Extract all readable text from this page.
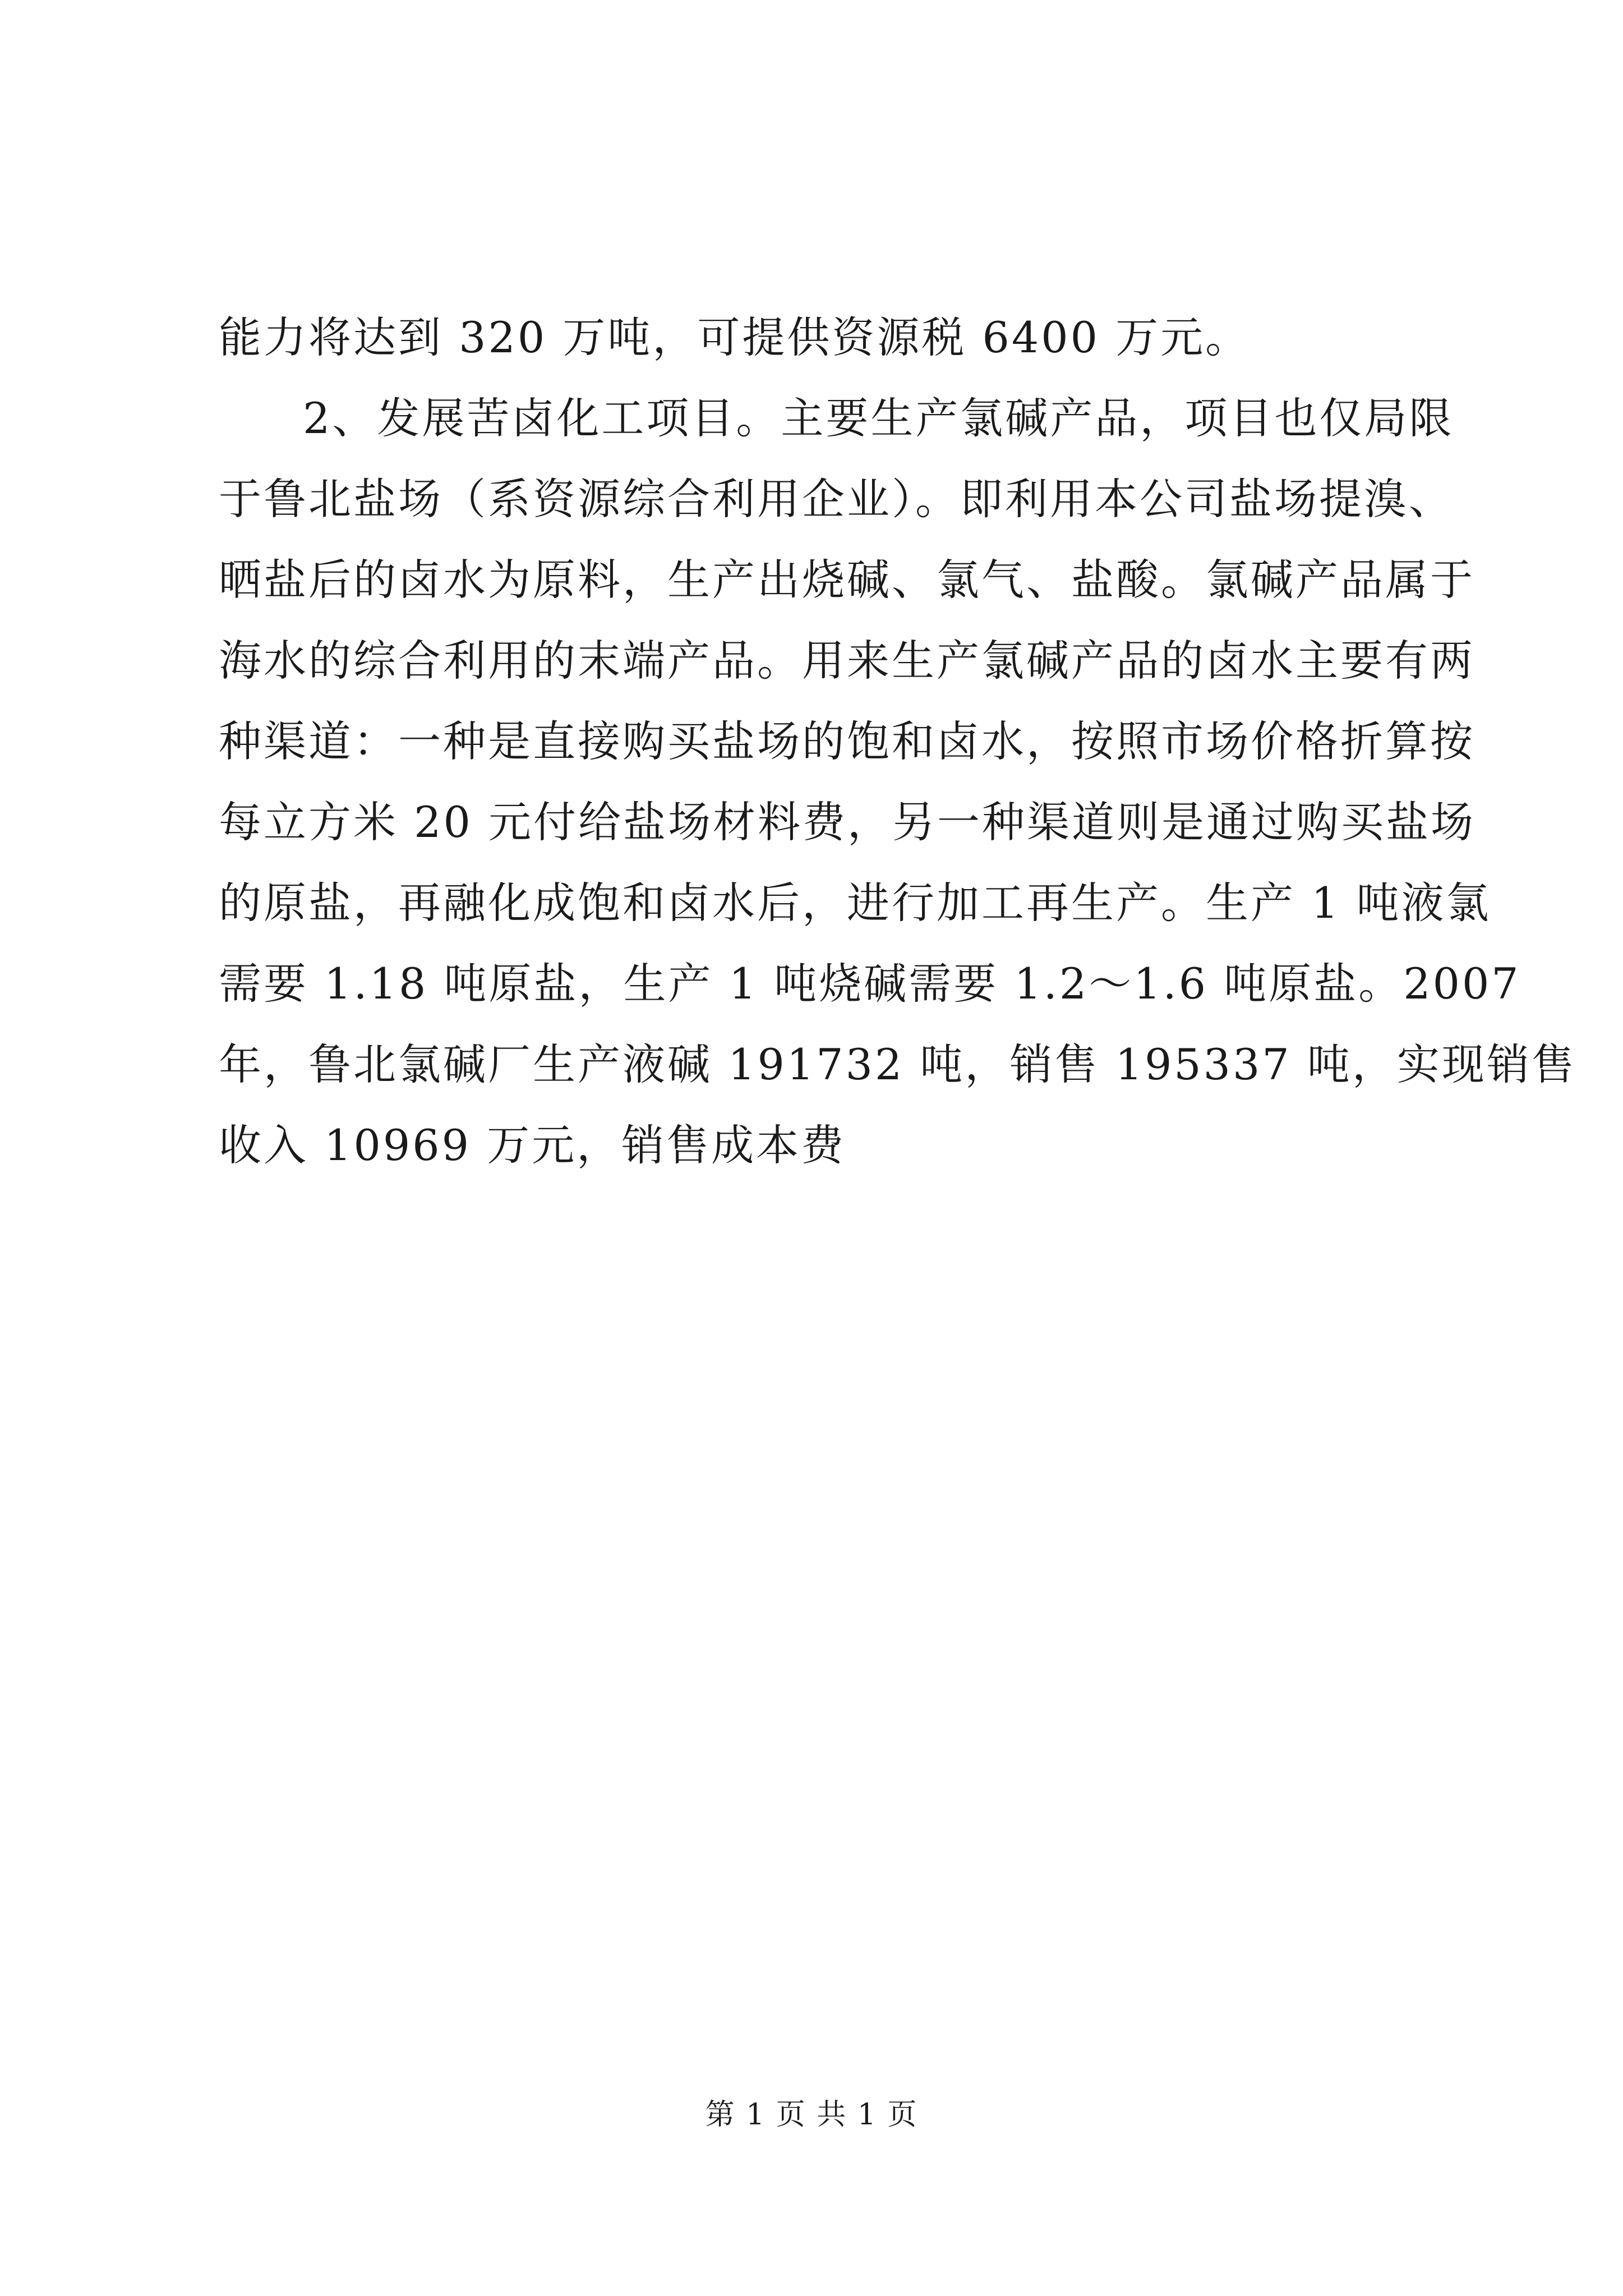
能力将达到 320 万吨，可提供资源税 6400 万元。
2、发展苦卤化工项目。主要生产氯碱产品，项目也仅局限
于鲁北盐场（系资源综合利用企业）。即利用本公司盐场提溴、
晒盐后的卤水为原料，生产出烧碱、氯气、盐酸。氯碱产品属于
海水的综合利用的末端产品。用来生产氯碱产品的卤水主要有两
种渠道：一种是直接购买盐场的饱和卤水，按照市场价格折算按
每立方米 20 元付给盐场材料费，另一种渠道则是通过购买盐场
的原盐，再融化成饱和卤水后，进行加工再生产。生产 1 吨液氯
需要 1.18 吨原盐，生产 1 吨烧碱需要 1.2～1.6 吨原盐。2007
年，鲁北氯碱厂生产液碱 191732 吨，销售 195337 吨，实现销售
收入 10969 万元，销售成本费
第 1 页 共 1 页
